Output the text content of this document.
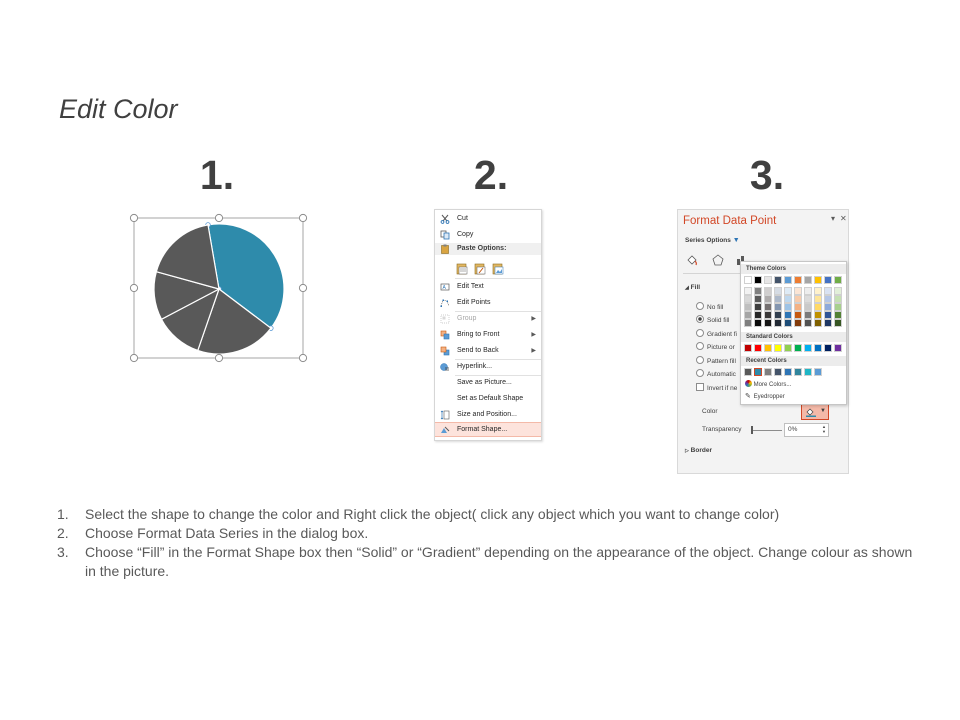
Edit Color
1.	2.	3.
Cut
Copy
Paste Options:
A Edit Text
Edit Points
Group	▶
Bring to Front	▶
Send to Back	▶
Hyperlink...
Save as Picture...
Set as Default Shape
Size and Position...
Format Shape...
Format Data Point	▾ ✕
Series Options ▼
◢ Fill
No fill
Solid fill
Gradient fi
Picture or
Pattern fill
Automatic
Invert if ne
Color	▼
Transparency	0%	▲
▼
▷ Border
Theme Colors
Standard Colors
Recent Colors
More Colors...
✎ Eyedropper
1. Select the shape to change the color and Right click the object( click any object which you want to change color)
2. Choose Format Data Series in the dialog box.
3. Choose “Fill” in the Format Shape box then “Solid” or “Gradient” depending on the appearance of the object. Change colour as shown in the picture.
